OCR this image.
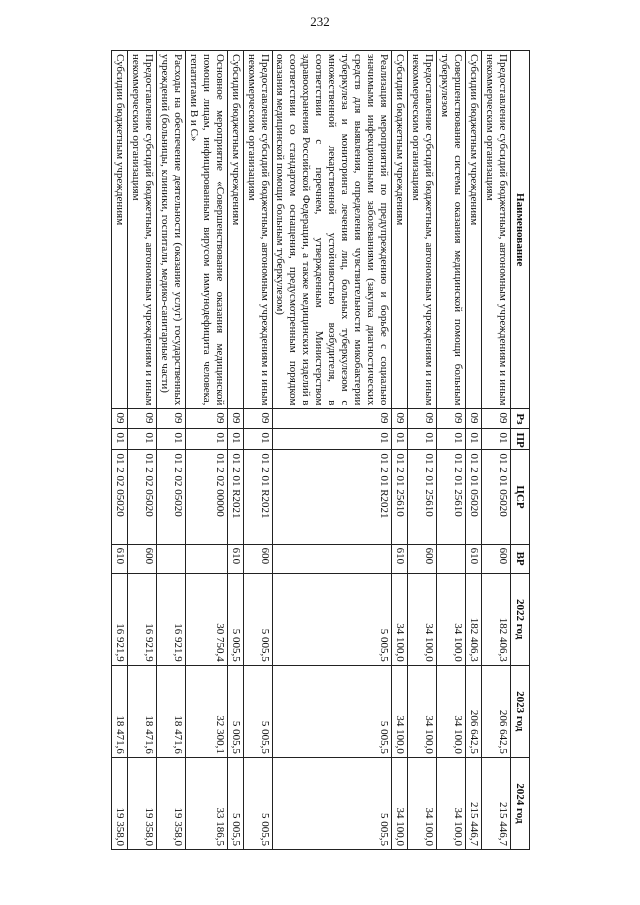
232
Наименование	Рз	ПР	ЦСР	ВР	2022 год	2023 год	2024 год
Предоставление субсидий бюджетным, автономным учреждениям и иным некоммерческим организациям	09	01	01 2 01 05020	600	182 406,3	206 642,5	215 446,7
Субсидии бюджетным учреждениям	09	01	01 2 01 05020	610	182 406,3	206 642,5	215 446,7
Совершенствование системы оказания медицинской помощи больным туберкулезом	09	01	01 2 01 25610		34 100,0	34 100,0	34 100,0
Предоставление субсидий бюджетным, автономным учреждениям и иным некоммерческим организациям	09	01	01 2 01 25610	600	34 100,0	34 100,0	34 100,0
Субсидии бюджетным учреждениям	09	01	01 2 01 25610	610	34 100,0	34 100,0	34 100,0
Реализация мероприятий по предупреждению и борьбе с социально значимыми инфекционными заболеваниями (закупка диагностических средств для выявления, определения чувствительности микобактерии туберкулеза и мониторинга лечения лиц, больных туберкулезом с множественной лекарственной устойчивостью возбудителя, в соответствии с перечнем, утвержденным Министерством здравоохранения Российской Федерации, а также медицинских изделий в соответствии со стандартом оснащения, предусмотренным порядком оказания медицинской помощи больным туберкулезом)	09	01	01 2 01 R2021		5 005,5	5 005,5	5 005,5
Предоставление субсидий бюджетным, автономным учреждениям и иным некоммерческим организациям	09	01	01 2 01 R2021	600	5 005,5	5 005,5	5 005,5
Субсидии бюджетным учреждениям	09	01	01 2 01 R2021	610	5 005,5	5 005,5	5 005,5
Основное мероприятие «Совершенствование оказания медицинской помощи лицам, инфицированным вирусом иммунодефицита человека, гепатитами В и С»	09	01	01 2 02 00000		30 750,4	32 300,1	33 186,5
Расходы на обеспечение деятельности (оказание услуг) государственных учреждений (больницы, клиники, госпитали, медико-санитарные части)	09	01	01 2 02 05020		16 921,9	18 471,6	19 358,0
Предоставление субсидий бюджетным, автономным учреждениям и иным некоммерческим организациям	09	01	01 2 02 05020	600	16 921,9	18 471,6	19 358,0
Субсидии бюджетным учреждениям	09	01	01 2 02 05020	610	16 921,9	18 471,6	19 358,0
